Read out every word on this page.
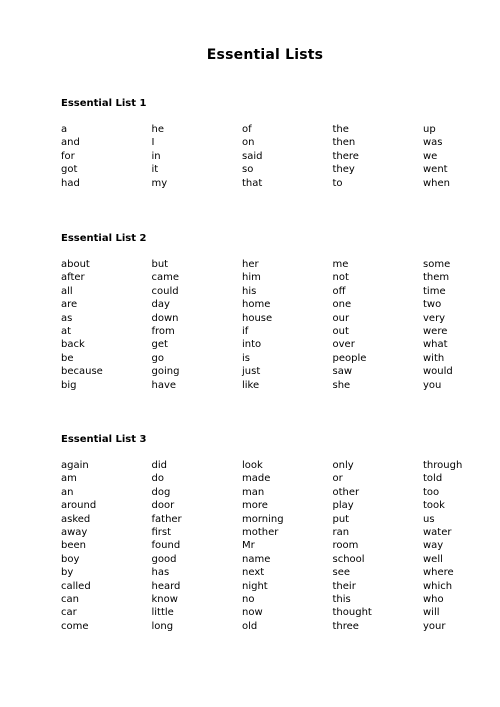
Essential Lists
Essential List 1
a	he	of	the	up
and	I	on	then	was
for	in	said	there	we
got	it	so	they	went
had	my	that	to	when
Essential List 2
about	but	her	me	some
after	came	him	not	them
all	could	his	off	time
are	day	home	one	two
as	down	house	our	very
at	from	if	out	were
back	get	into	over	what
be	go	is	people	with
because	going	just	saw	would
big	have	like	she	you
Essential List 3
again	did	look	only	through
am	do	made	or	told
an	dog	man	other	too
around	door	more	play	took
asked	father	morning	put	us
away	first	mother	ran	water
been	found	Mr	room	way
boy	good	name	school	well
by	has	next	see	where
called	heard	night	their	which
can	know	no	this	who
car	little	now	thought	will
come	long	old	three	your
